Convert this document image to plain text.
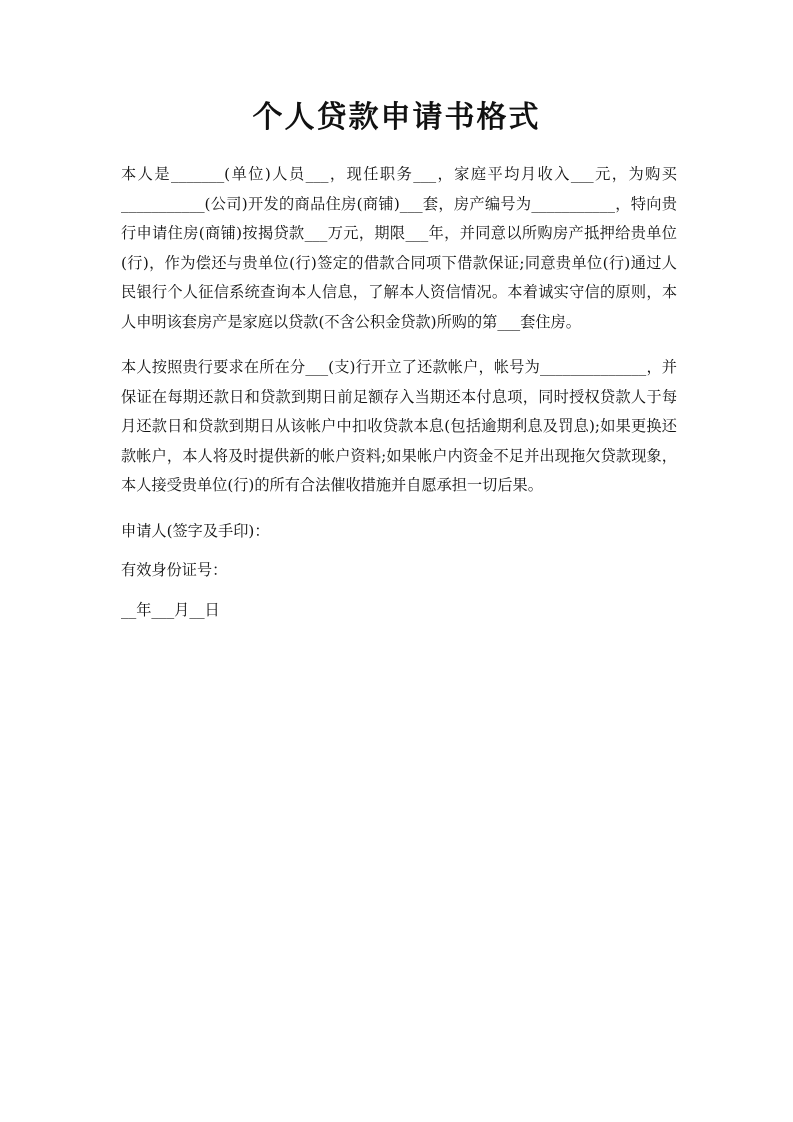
个人贷款申请书格式

本人是_______(单位)人员___，现任职务___，家庭平均月收入___元，为购买___________(公司)开发的商品住房(商铺)___套，房产编号为___________，特向贵行申请住房(商铺)按揭贷款___万元，期限___年，并同意以所购房产抵押给贵单位(行)，作为偿还与贵单位(行)签定的借款合同项下借款保证;同意贵单位(行)通过人民银行个人征信系统查询本人信息，了解本人资信情况。本着诚实守信的原则，本人申明该套房产是家庭以贷款(不含公积金贷款)所购的第___套住房。

本人按照贵行要求在所在分___(支)行开立了还款帐户，帐号为______________，并保证在每期还款日和贷款到期日前足额存入当期还本付息项，同时授权贷款人于每月还款日和贷款到期日从该帐户中扣收贷款本息(包括逾期利息及罚息);如果更换还款帐户，本人将及时提供新的帐户资料;如果帐户内资金不足并出现拖欠贷款现象，本人接受贵单位(行)的所有合法催收措施并自愿承担一切后果。

申请人(签字及手印)：

有效身份证号：

__年___月__日
